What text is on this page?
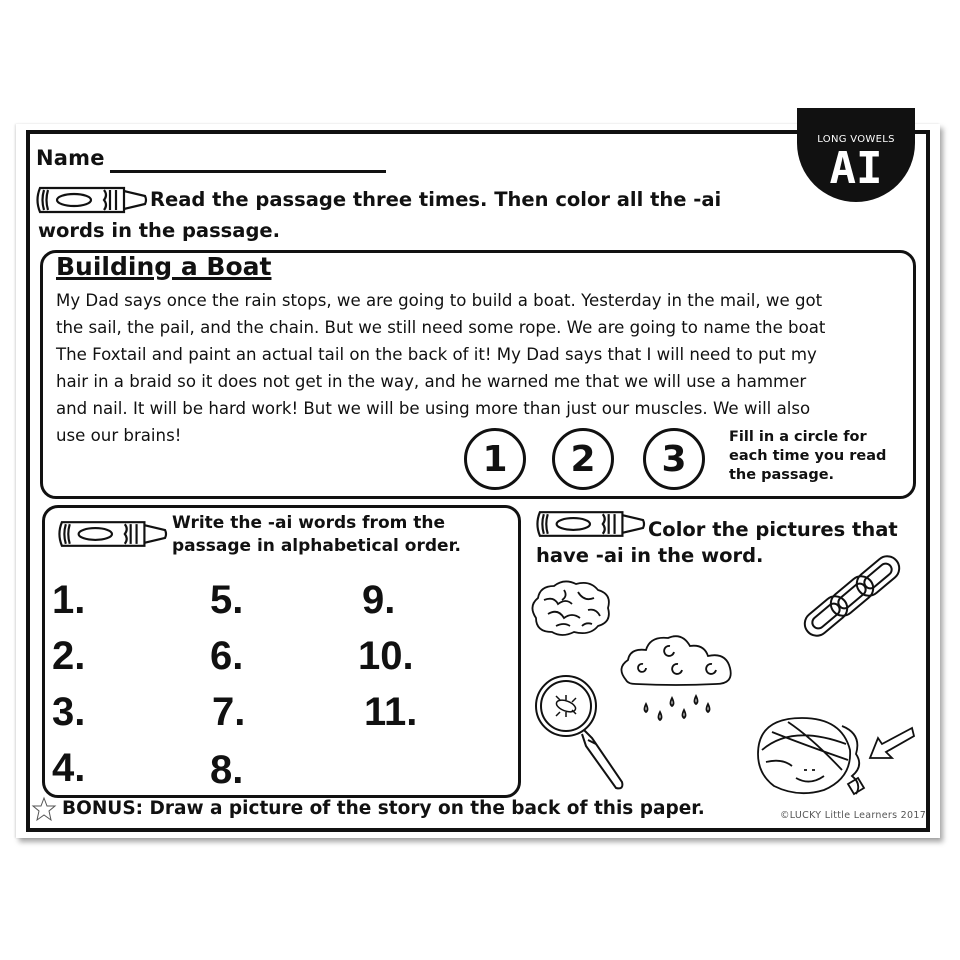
Name
LONG VOWELS
AI
Read the passage three times. Then color all the -ai
words in the passage.
Building a Boat
My Dad says once the rain stops, we are going to build a boat. Yesterday in the mail, we got
the sail, the pail, and the chain. But we still need some rope. We are going to name the boat
The Foxtail and paint an actual tail on the back of it! My Dad says that I will need to put my
hair in a braid so it does not get in the way, and he warned me that we will use a hammer
and nail. It will be hard work! But we will be using more than just our muscles. We will also
use our brains!
1 2 3
Fill in a circle for
each time you read
the passage.
Write the -ai words from the
passage in alphabetical order.
1.
2.
3.
4.
5.
6.
7.
8.
9.
10.
11.
Color the pictures that
have -ai in the word.
BONUS: Draw a picture of the story on the back of this paper.	©LUCKY Little Learners 2017
